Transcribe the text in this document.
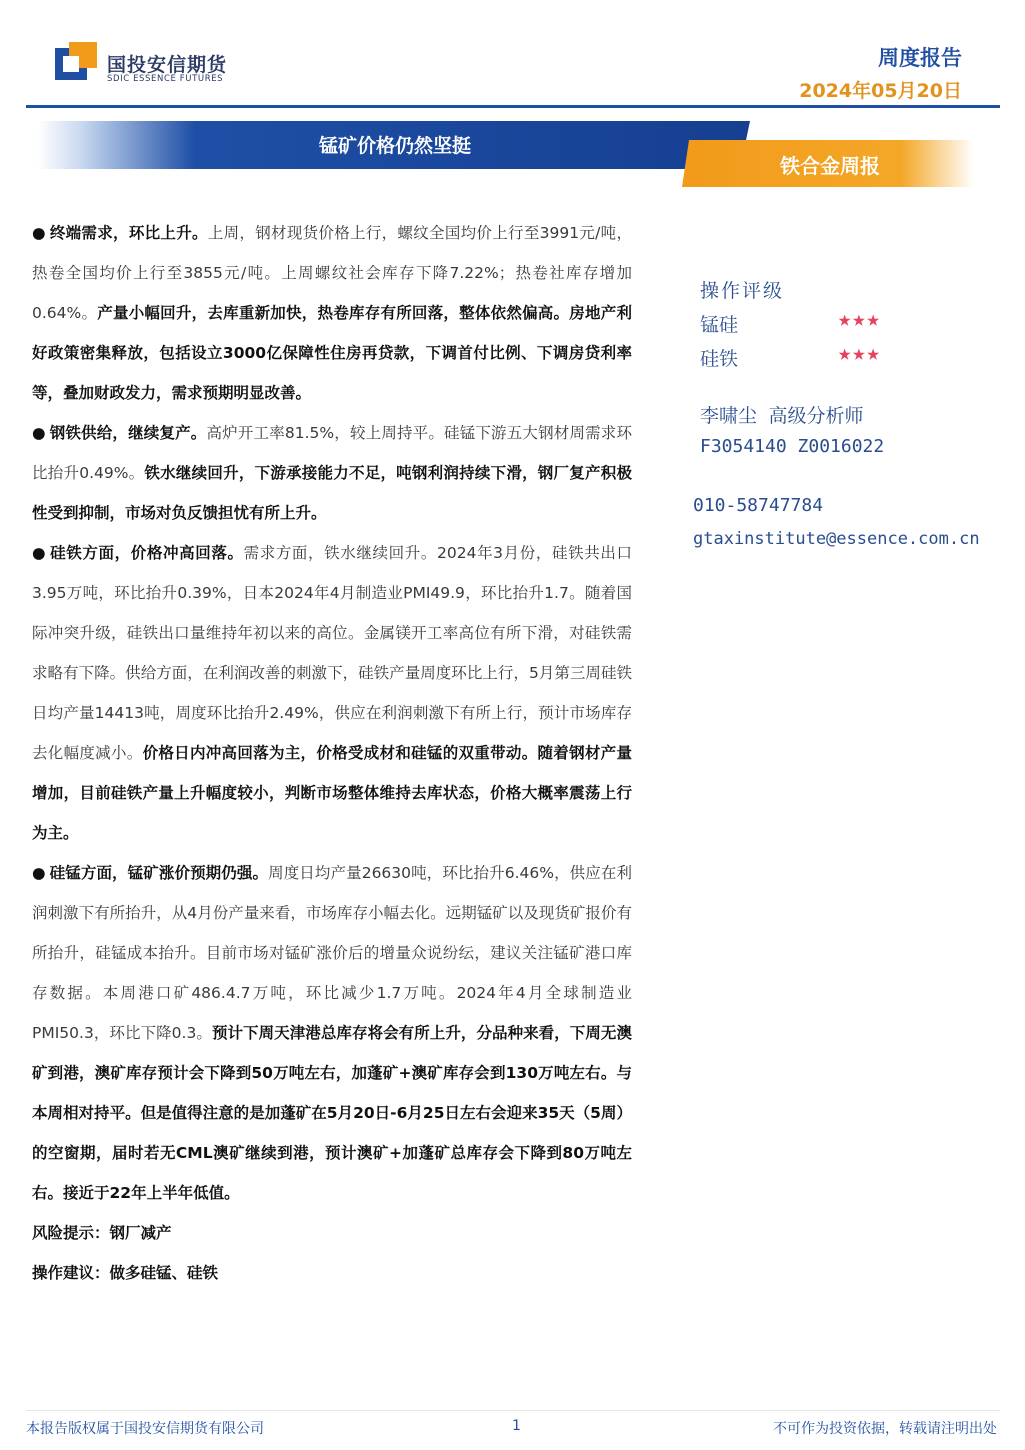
国投安信期货
SDIC ESSENCE FUTURES
周度报告
2024年05月20日
锰矿价格仍然坚挺
铁合金周报

● 终端需求，环比上升。上周，钢材现货价格上行，螺纹全国均价上行至3991元/吨，热卷全国均价上行至3855元/吨。上周螺纹社会库存下降7.22%；热卷社库存增加0.64%。产量小幅回升，去库重新加快，热卷库存有所回落，整体依然偏高。房地产利好政策密集释放，包括设立3000亿保障性住房再贷款，下调首付比例、下调房贷利率等，叠加财政发力，需求预期明显改善。

● 钢铁供给，继续复产。高炉开工率81.5%，较上周持平。硅锰下游五大钢材周需求环比抬升0.49%。铁水继续回升，下游承接能力不足，吨钢利润持续下滑，钢厂复产积极性受到抑制，市场对负反馈担忧有所上升。

● 硅铁方面，价格冲高回落。需求方面，铁水继续回升。2024年3月份，硅铁共出口3.95万吨，环比抬升0.39%，日本2024年4月制造业PMI49.9，环比抬升1.7。随着国际冲突升级，硅铁出口量维持年初以来的高位。金属镁开工率高位有所下滑，对硅铁需求略有下降。供给方面，在利润改善的刺激下，硅铁产量周度环比上行，5月第三周硅铁日均产量14413吨，周度环比抬升2.49%，供应在利润刺激下有所上行，预计市场库存去化幅度减小。价格日内冲高回落为主，价格受成材和硅锰的双重带动。随着钢材产量增加，目前硅铁产量上升幅度较小，判断市场整体维持去库状态，价格大概率震荡上行为主。

● 硅锰方面，锰矿涨价预期仍强。周度日均产量26630吨，环比抬升6.46%，供应在利润刺激下有所抬升，从4月份产量来看，市场库存小幅去化。远期锰矿以及现货矿报价有所抬升，硅锰成本抬升。目前市场对锰矿涨价后的增量众说纷纭，建议关注锰矿港口库存数据。本周港口矿486.4.7万吨，环比减少1.7万吨。2024年4月全球制造业PMI50.3，环比下降0.3。预计下周天津港总库存将会有所上升，分品种来看，下周无澳矿到港，澳矿库存预计会下降到50万吨左右，加蓬矿+澳矿库存会到130万吨左右。与本周相对持平。但是值得注意的是加蓬矿在5月20日-6月25日左右会迎来35天（5周）的空窗期，届时若无CML澳矿继续到港，预计澳矿+加蓬矿总库存会下降到80万吨左右。接近于22年上半年低值。

风险提示：钢厂减产

操作建议：做多硅锰、硅铁

操作评级
锰硅	★★★
硅铁	★★★
李啸尘 高级分析师
F3054140 Z0016022
010-58747784
gtaxinstitute@essence.com.cn
本报告版权属于国投安信期货有限公司	1	不可作为投资依据，转载请注明出处
